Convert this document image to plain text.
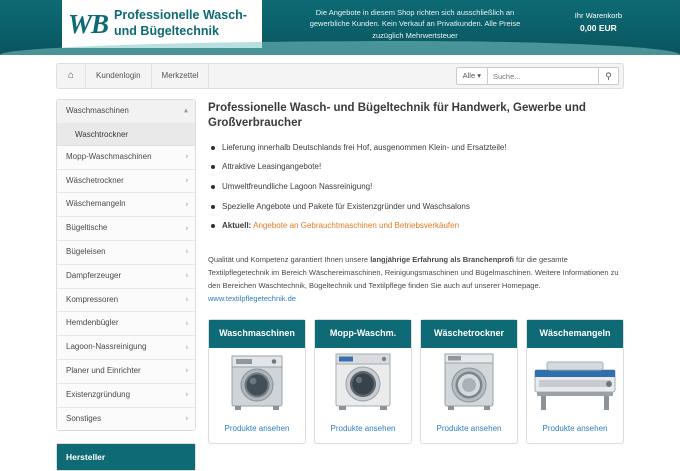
WB Professionelle Wasch-
und Bügeltechnik
Die Angebote in diesem Shop richten sich ausschließlich an gewerbliche Kunden. Kein Verkauf an Privatkunden. Alle Preise zuzüglich Mehrwertsteuer
Ihr Warenkorb
0,00 EUR
⌂	Kundenlogin	Merkzettel	Alle ▾
Suche...	⚲
Waschmaschinen	▴
Waschtrockner
Mopp-Waschmaschinen	›
Wäschetrockner	›
Wäschemangeln	›
Bügeltische	›
Bügeleisen	›
Dampferzeuger	›
Kompressoren	›
Hemdenbügler	›
Lagoon-Nassreinigung	›
Planer und Einrichter	›
Existenzgründung	›
Sonstiges	›
Hersteller
Professionelle Wasch- und Bügeltechnik für Handwerk, Gewerbe und Großverbraucher
Lieferung innerhalb Deutschlands frei Hof, ausgenommen Klein- und Ersatzteile!
Attraktive Leasingangebote!
Umweltfreundliche Lagoon Nassreinigung!
Spezielle Angebote und Pakete für Existenzgründer und Waschsalons
Aktuell: Angebote an Gebrauchtmaschinen und Betriebsverkäufen

Qualität und Kompetenz garantiert Ihnen unsere langjährige Erfahrung als Branchenprofi für die gesamte Textilpflegetechnik im Bereich Wäschereimaschinen, Reinigungsmaschinen und Bügelmaschinen. Weitere Informationen zu den Bereichen Waschtechnik, Bügeltechnik und Textilpflege finden Sie auch auf unserer Homepage. www.textilpflegetechnik.de

Waschmaschinen
Produkte ansehen
Mopp-Waschm.
Produkte ansehen
Wäschetrockner
Produkte ansehen
Wäschemangeln
Produkte ansehen
